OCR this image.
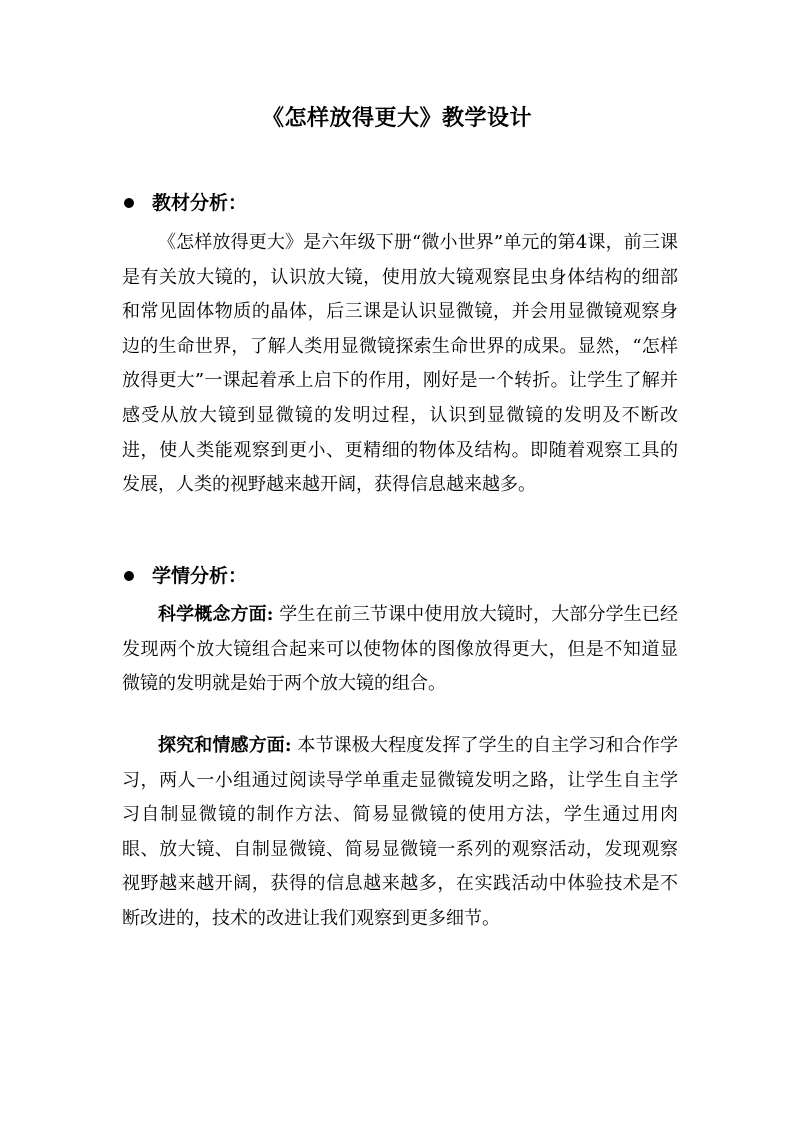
《怎样放得更大》教学设计
教材分析：
《怎样放得更大》是六年级下册“微小世界”单元的第4课，前三课是有关放大镜的，认识放大镜，使用放大镜观察昆虫身体结构的细部和常见固体物质的晶体，后三课是认识显微镜，并会用显微镜观察身边的生命世界，了解人类用显微镜探索生命世界的成果。显然，“怎样放得更大”一课起着承上启下的作用，刚好是一个转折。让学生了解并感受从放大镜到显微镜的发明过程，认识到显微镜的发明及不断改进，使人类能观察到更小、更精细的物体及结构。即随着观察工具的发展，人类的视野越来越开阔，获得信息越来越多。
学情分析：
科学概念方面: 学生在前三节课中使用放大镜时，大部分学生已经发现两个放大镜组合起来可以使物体的图像放得更大，但是不知道显微镜的发明就是始于两个放大镜的组合。
探究和情感方面: 本节课极大程度发挥了学生的自主学习和合作学习，两人一小组通过阅读导学单重走显微镜发明之路，让学生自主学习自制显微镜的制作方法、简易显微镜的使用方法，学生通过用肉眼、放大镜、自制显微镜、简易显微镜一系列的观察活动，发现观察视野越来越开阔，获得的信息越来越多，在实践活动中体验技术是不断改进的，技术的改进让我们观察到更多细节。
